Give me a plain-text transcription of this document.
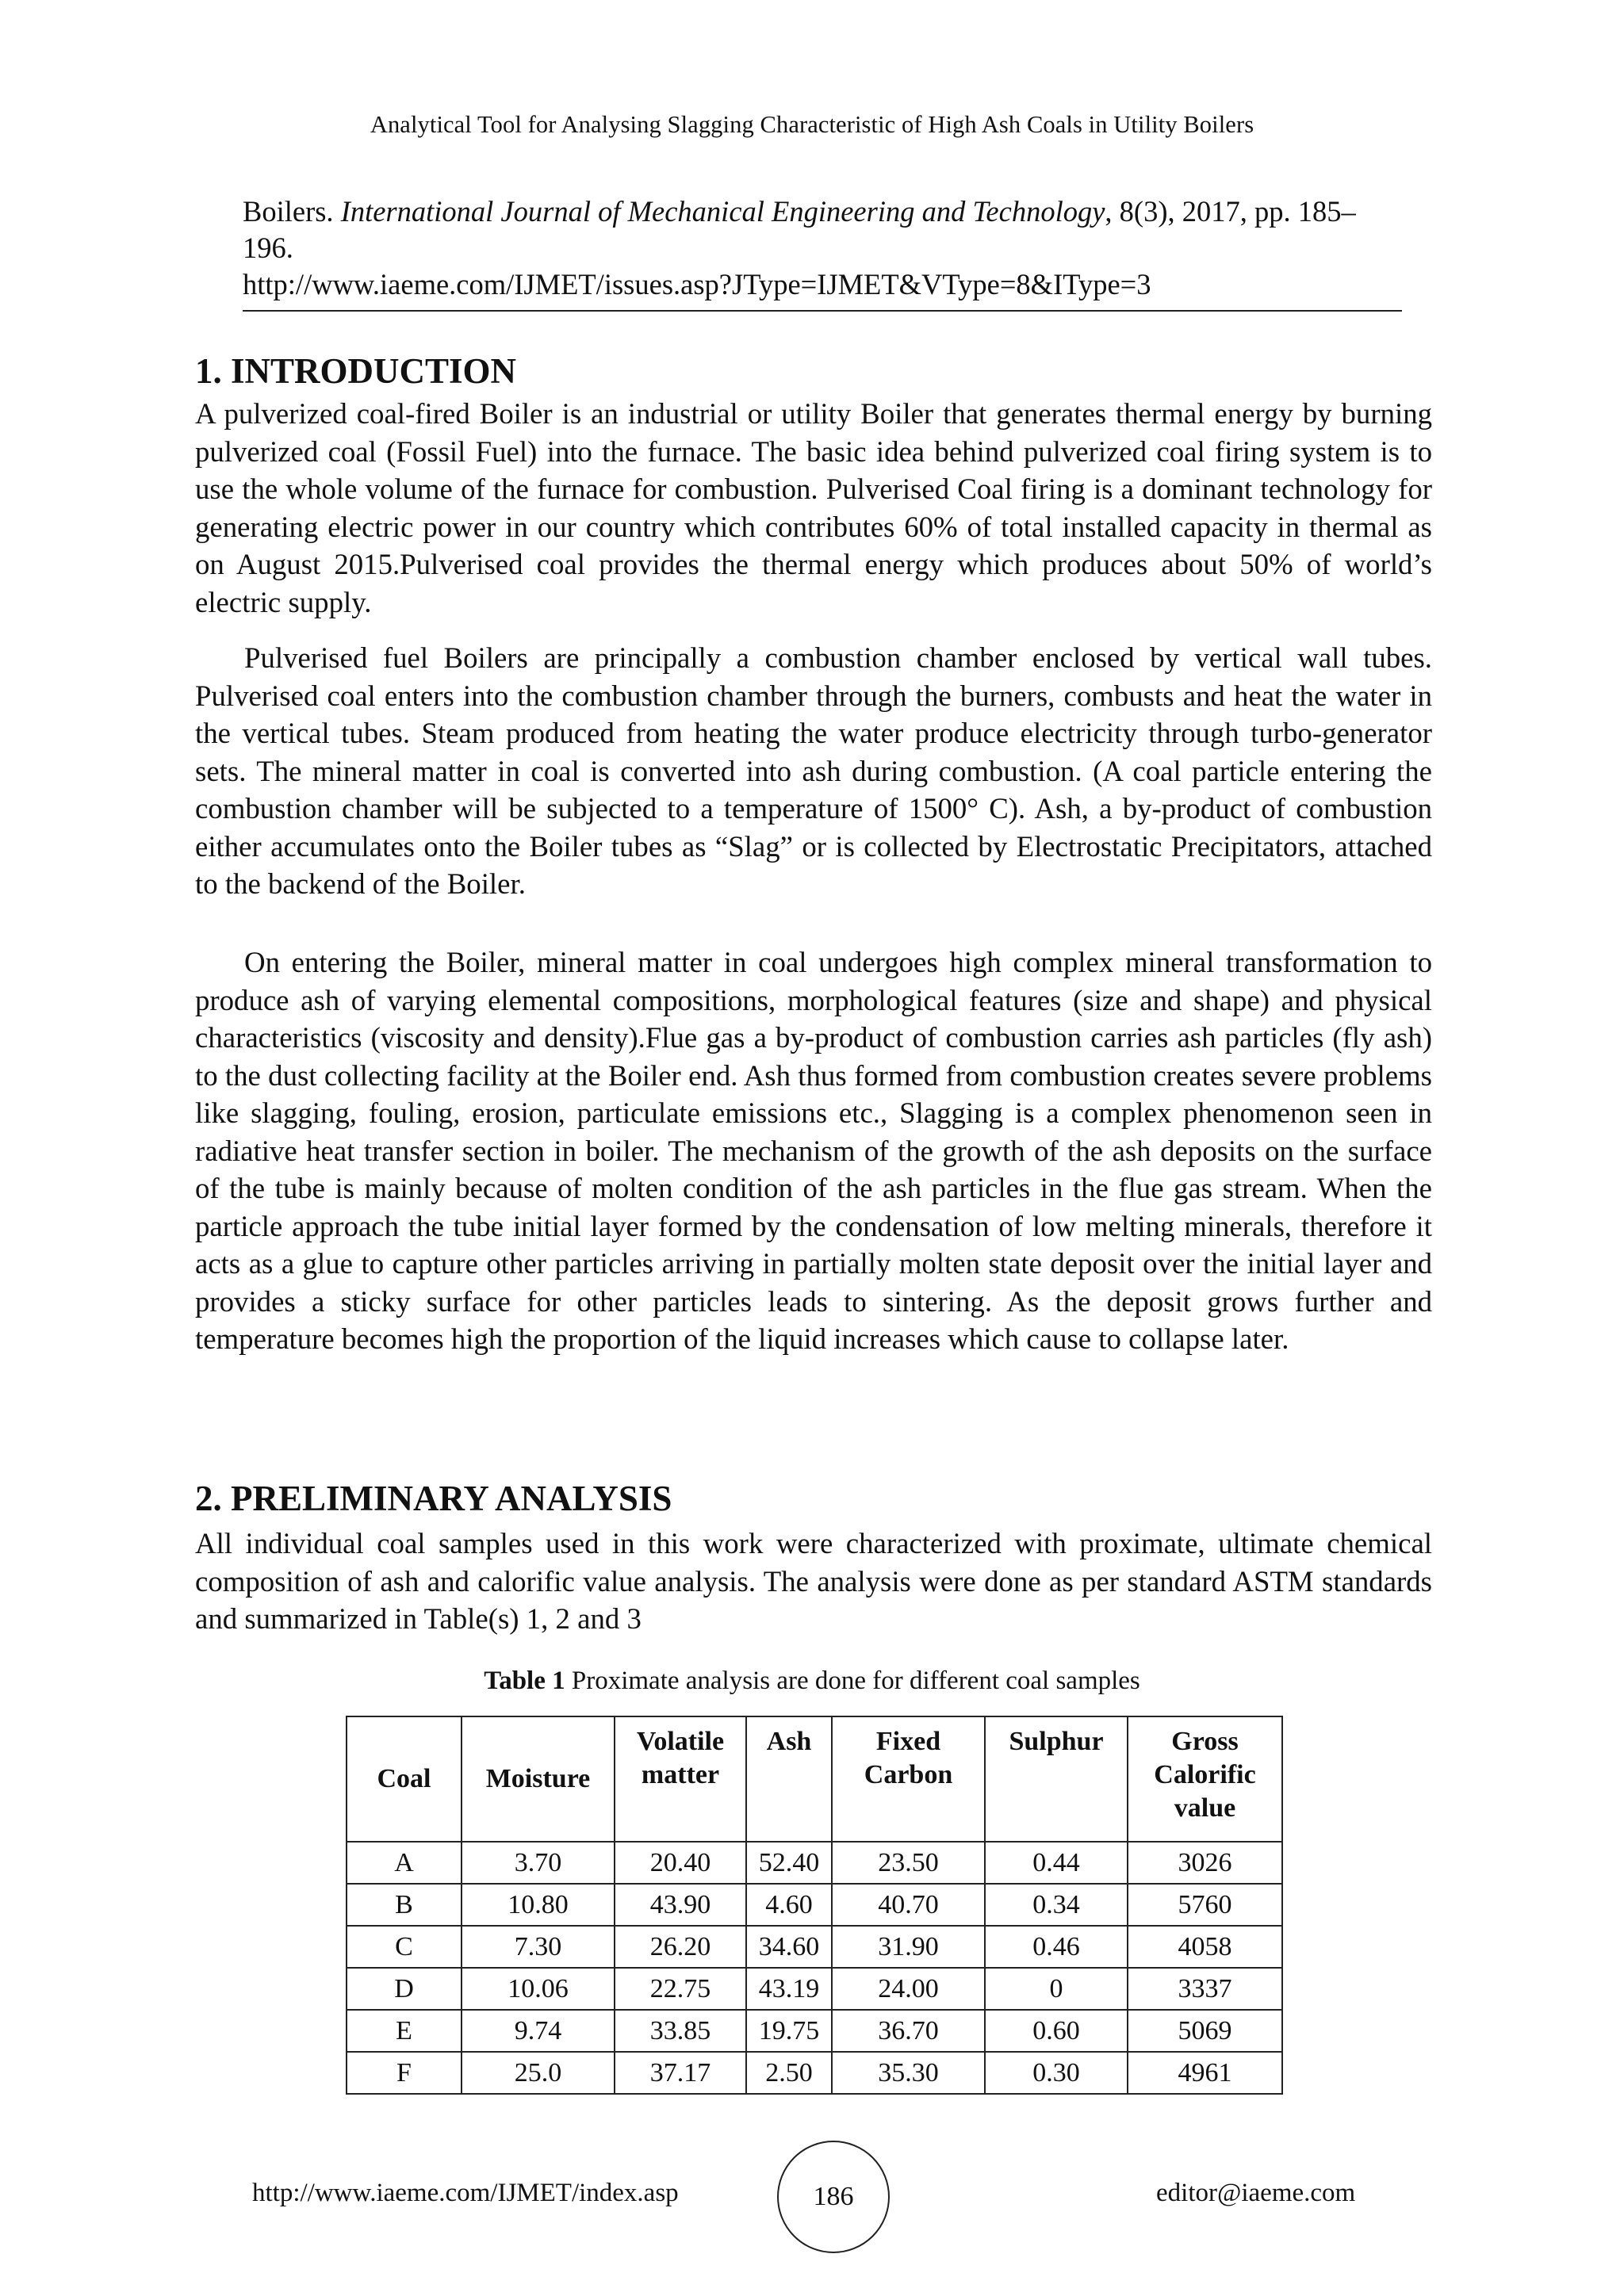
Analytical Tool for Analysing Slagging Characteristic of High Ash Coals in Utility Boilers
Boilers. International Journal of Mechanical Engineering and Technology, 8(3), 2017, pp. 185–196.
http://www.iaeme.com/IJMET/issues.asp?JType=IJMET&VType=8&IType=3
1. INTRODUCTION
A pulverized coal-fired Boiler is an industrial or utility Boiler that generates thermal energy by burning pulverized coal (Fossil Fuel) into the furnace. The basic idea behind pulverized coal firing system is to use the whole volume of the furnace for combustion. Pulverised Coal firing is a dominant technology for generating electric power in our country which contributes 60% of total installed capacity in thermal as on August 2015.Pulverised coal provides the thermal energy which produces about 50% of world’s electric supply.
Pulverised fuel Boilers are principally a combustion chamber enclosed by vertical wall tubes. Pulverised coal enters into the combustion chamber through the burners, combusts and heat the water in the vertical tubes. Steam produced from heating the water produce electricity through turbo-generator sets. The mineral matter in coal is converted into ash during combustion. (A coal particle entering the combustion chamber will be subjected to a temperature of 1500° C). Ash, a by-product of combustion either accumulates onto the Boiler tubes as “Slag” or is collected by Electrostatic Precipitators, attached to the backend of the Boiler.
On entering the Boiler, mineral matter in coal undergoes high complex mineral transformation to produce ash of varying elemental compositions, morphological features (size and shape) and physical characteristics (viscosity and density).Flue gas a by-product of combustion carries ash particles (fly ash) to the dust collecting facility at the Boiler end. Ash thus formed from combustion creates severe problems like slagging, fouling, erosion, particulate emissions etc., Slagging is a complex phenomenon seen in radiative heat transfer section in boiler. The mechanism of the growth of the ash deposits on the surface of the tube is mainly because of molten condition of the ash particles in the flue gas stream. When the particle approach the tube initial layer formed by the condensation of low melting minerals, therefore it acts as a glue to capture other particles arriving in partially molten state deposit over the initial layer and provides a sticky surface for other particles leads to sintering. As the deposit grows further and temperature becomes high the proportion of the liquid increases which cause to collapse later.
2. PRELIMINARY ANALYSIS
All individual coal samples used in this work were characterized with proximate, ultimate chemical composition of ash and calorific value analysis. The analysis were done as per standard ASTM standards and summarized in Table(s) 1, 2 and 3
Table 1 Proximate analysis are done for different coal samples
Coal	Moisture	Volatile matter	Ash	Fixed Carbon	Sulphur	Gross Calorific value
A	3.70	20.40	52.40	23.50	0.44	3026
B	10.80	43.90	4.60	40.70	0.34	5760
C	7.30	26.20	34.60	31.90	0.46	4058
D	10.06	22.75	43.19	24.00	0	3337
E	9.74	33.85	19.75	36.70	0.60	5069
F	25.0	37.17	2.50	35.30	0.30	4961
http://www.iaeme.com/IJMET/index.asp	186	editor@iaeme.com
